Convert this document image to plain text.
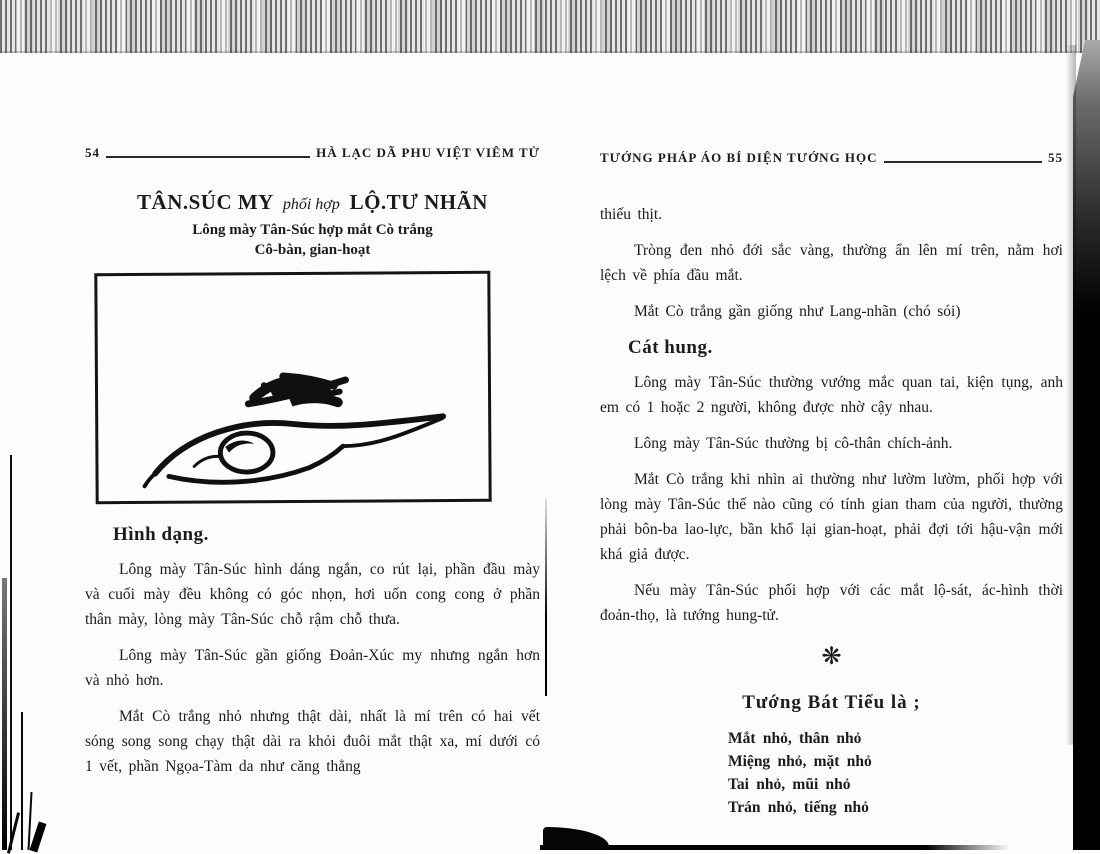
54	HÀ LẠC DÃ PHU VIỆT VIÊM TỬ
TÂN.SÚC MY phối hợp LỘ.TƯ NHÃN
Lông mày Tân-Súc hợp mắt Cò trắng
Cô-bàn, gian-hoạt
Hình dạng.

Lông mày Tân-Súc hình dáng ngắn, co rút lại, phần đầu mày và cuối mày đều không có góc nhọn, hơi uốn cong cong ở phần thân mày, lòng mày Tân-Súc chỗ rậm chỗ thưa.

Lông mày Tân-Súc gần giống Đoản-Xúc my nhưng ngắn hơn và nhỏ hơn.

Mắt Cò trắng nhỏ nhưng thật dài, nhất là mí trên có hai vết sóng song song chạy thật dài ra khỏi đuôi mắt thật xa, mí dưới có 1 vết, phần Ngọa-Tàm da như căng thẳng

TƯỚNG PHÁP ÁO BÍ DIỆN TƯỚNG HỌC	55

thiếu thịt.

Tròng đen nhỏ đới sắc vàng, thường ẩn lên mí trên, nằm hơi lệch về phía đầu mắt.

Mắt Cò trắng gần giống như Lang-nhãn (chó sói)

Cát hung.

Lông mày Tân-Súc thường vướng mắc quan tai, kiện tụng, anh em có 1 hoặc 2 người, không được nhờ cậy nhau.

Lông mày Tân-Súc thường bị cô-thân chích-ảnh.

Mắt Cò trắng khi nhìn ai thường như lườm lườm, phối hợp với lòng mày Tân-Súc thế nào cũng có tính gian tham của người, thường phải bôn-ba lao-lực, bần khổ lại gian-hoạt, phải đợi tới hậu-vận mới khá giả được.

Nếu mày Tân-Súc phối hợp với các mắt lộ-sát, ác-hình thời đoản-thọ, là tướng hung-tử.

❋
Tướng Bát Tiểu là ;
Mắt nhỏ, thân nhỏ
Miệng nhỏ, mặt nhỏ
Tai nhỏ, mũi nhỏ
Trán nhỏ, tiếng nhỏ
